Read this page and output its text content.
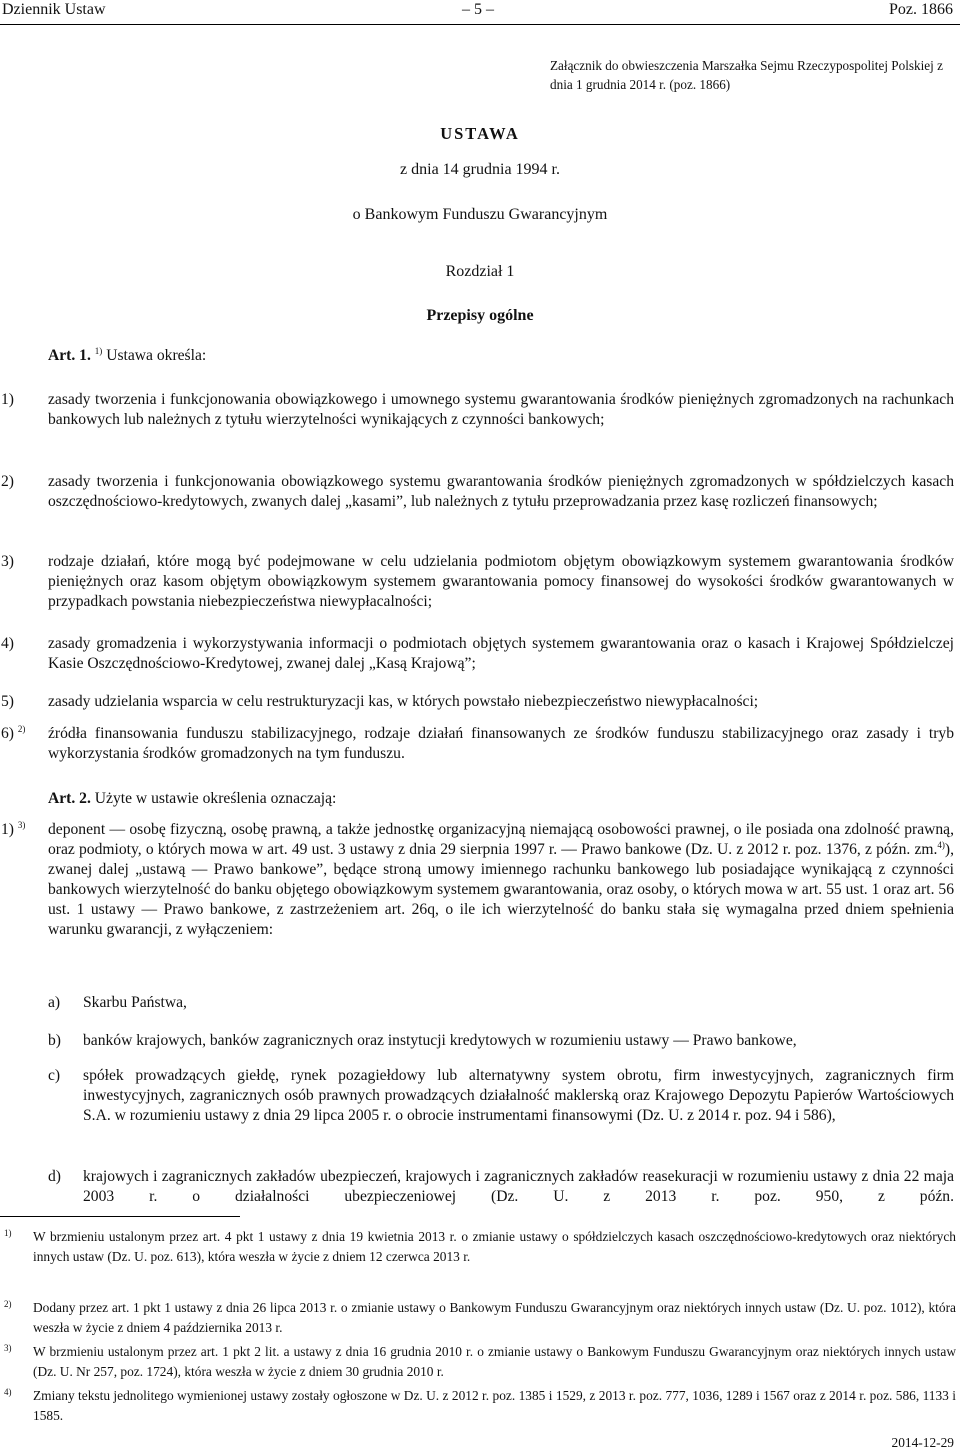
Dziennik Ustaw	– 5 –	Poz. 1866
Załącznik do obwieszczenia Marszałka Sejmu Rzeczypospolitej Polskiej z dnia 1 grudnia 2014 r. (poz. 1866)
USTAWA
z dnia 14 grudnia 1994 r.
o Bankowym Funduszu Gwarancyjnym
Rozdział 1
Przepisy ogólne
Art. 1. $^{1)}$ Ustawa określa:
1) zasady tworzenia i funkcjonowania obowiązkowego i umownego systemu gwarantowania środków pieniężnych zgromadzonych na rachunkach bankowych lub należnych z tytułu wierzytelności wynikających z czynności bankowych;
2) zasady tworzenia i funkcjonowania obowiązkowego systemu gwarantowania środków pieniężnych zgromadzonych w spółdzielczych kasach oszczędnościowo-kredytowych, zwanych dalej „kasami”, lub należnych z tytułu przeprowadzania przez kasę rozliczeń finansowych;
3) rodzaje działań, które mogą być podejmowane w celu udzielania podmiotom objętym obowiązkowym systemem gwarantowania środków pieniężnych oraz kasom objętym obowiązkowym systemem gwarantowania pomocy finansowej do wysokości środków gwarantowanych w przypadkach powstania niebezpieczeństwa niewypłacalności;
4) zasady gromadzenia i wykorzystywania informacji o podmiotach objętych systemem gwarantowania oraz o kasach i Krajowej Spółdzielczej Kasie Oszczędnościowo-Kredytowej, zwanej dalej „Kasą Krajową”;
5) zasady udzielania wsparcia w celu restrukturyzacji kas, w których powstało niebezpieczeństwo niewypłacalności;
6) $^{2)}$ źródła finansowania funduszu stabilizacyjnego, rodzaje działań finansowanych ze środków funduszu stabilizacyjnego oraz zasady i tryb wykorzystania środków gromadzonych na tym funduszu.
Art. 2. Użyte w ustawie określenia oznaczają:
1) $^{3)}$ deponent — osobę fizyczną, osobę prawną, a także jednostkę organizacyjną niemającą osobowości prawnej, o ile posiada ona zdolność prawną, oraz podmioty, o których mowa w art. 49 ust. 3 ustawy z dnia 29 sierpnia 1997 r. — Prawo bankowe (Dz. U. z 2012 r. poz. 1376, z późn. zm.$^{4)}$), zwanej dalej „ustawą — Prawo bankowe”, będące stroną umowy imiennego rachunku bankowego lub posiadające wynikającą z czynności bankowych wierzytelność do banku objętego obowiązkowym systemem gwarantowania, oraz osoby, o których mowa w art. 55 ust. 1 oraz art. 56 ust. 1 ustawy — Prawo bankowe, z zastrzeżeniem art. 26q, o ile ich wierzytelność do banku stała się wymagalna przed dniem spełnienia warunku gwarancji, z wyłączeniem:
a) Skarbu Państwa,
b) banków krajowych, banków zagranicznych oraz instytucji kredytowych w rozumieniu ustawy — Prawo bankowe,
c) spółek prowadzących giełdę, rynek pozagiełdowy lub alternatywny system obrotu, firm inwestycyjnych, zagranicznych firm inwestycyjnych, zagranicznych osób prawnych prowadzących działalność maklerską oraz Krajowego Depozytu Papierów Wartościowych S.A. w rozumieniu ustawy z dnia 29 lipca 2005 r. o obrocie instrumentami finansowymi (Dz. U. z 2014 r. poz. 94 i 586),
d) krajowych i zagranicznych zakładów ubezpieczeń, krajowych i zagranicznych zakładów reasekuracji w rozumieniu ustawy z dnia 22 maja 2003 r. o działalności ubezpieczeniowej (Dz. U. z 2013 r. poz. 950, z późn.
1) W brzmieniu ustalonym przez art. 4 pkt 1 ustawy z dnia 19 kwietnia 2013 r. o zmianie ustawy o spółdzielczych kasach oszczędnościowo-kredytowych oraz niektórych innych ustaw (Dz. U. poz. 613), która weszła w życie z dniem 12 czerwca 2013 r.
2) Dodany przez art. 1 pkt 1 ustawy z dnia 26 lipca 2013 r. o zmianie ustawy o Bankowym Funduszu Gwarancyjnym oraz niektórych innych ustaw (Dz. U. poz. 1012), która weszła w życie z dniem 4 października 2013 r.
3) W brzmieniu ustalonym przez art. 1 pkt 2 lit. a ustawy z dnia 16 grudnia 2010 r. o zmianie ustawy o Bankowym Funduszu Gwarancyjnym oraz niektórych innych ustaw (Dz. U. Nr 257, poz. 1724), która weszła w życie z dniem 30 grudnia 2010 r.
4) Zmiany tekstu jednolitego wymienionej ustawy zostały ogłoszone w Dz. U. z 2012 r. poz. 1385 i 1529, z 2013 r. poz. 777, 1036, 1289 i 1567 oraz z 2014 r. poz. 586, 1133 i 1585.
2014-12-29
